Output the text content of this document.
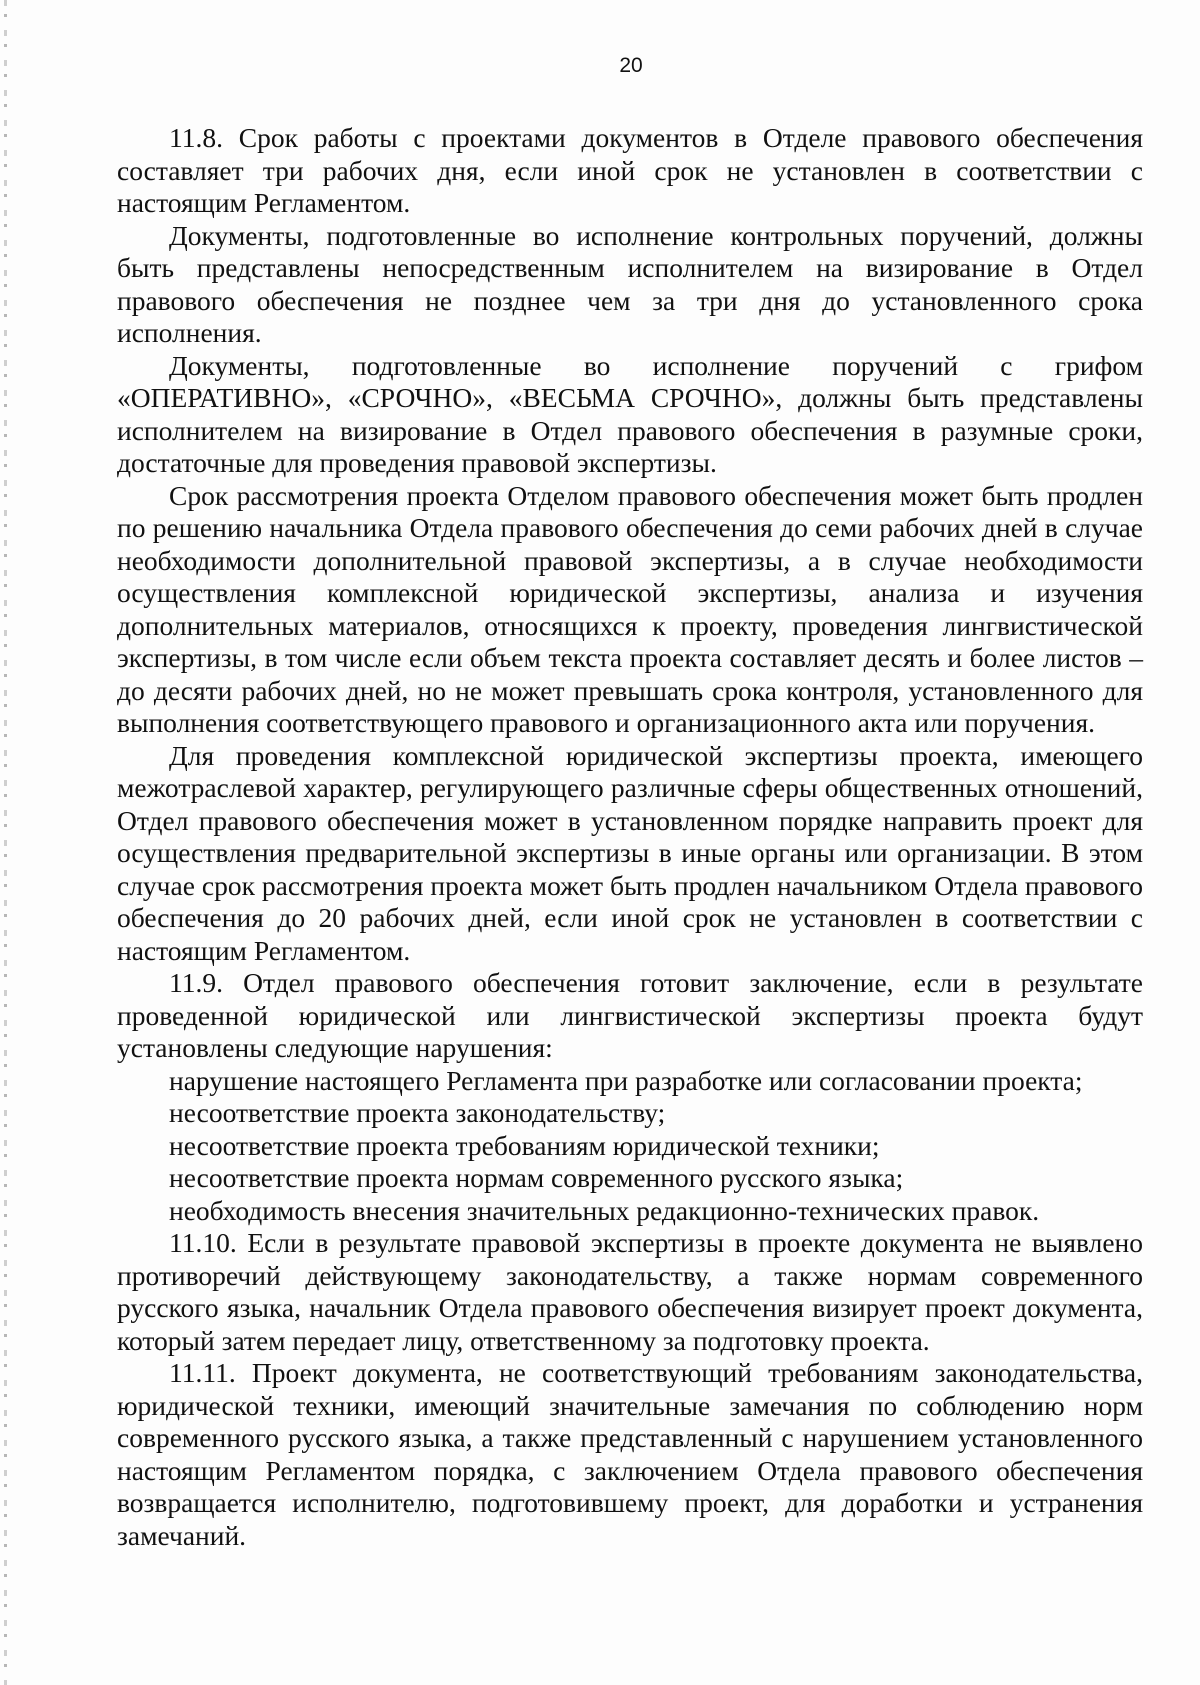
20

11.8. Срок работы с проектами документов в Отделе правового обеспечения составляет три рабочих дня, если иной срок не установлен в соответствии с настоящим Регламентом.

Документы, подготовленные во исполнение контрольных поручений, должны быть представлены непосредственным исполнителем на визирование в Отдел правового обеспечения не позднее чем за три дня до установленного срока исполнения.

Документы, подготовленные во исполнение поручений с грифом «ОПЕРАТИВНО», «СРОЧНО», «ВЕСЬМА СРОЧНО», должны быть представлены исполнителем на визирование в Отдел правового обеспечения в разумные сроки, достаточные для проведения правовой экспертизы.

Срок рассмотрения проекта Отделом правового обеспечения может быть продлен по решению начальника Отдела правового обеспечения до семи рабочих дней в случае необходимости дополнительной правовой экспертизы, а в случае необходимости осуществления комплексной юридической экспертизы, анализа и изучения дополнительных материалов, относящихся к проекту, проведения лингвистической экспертизы, в том числе если объем текста проекта составляет десять и более листов – до десяти рабочих дней, но не может превышать срока контроля, установленного для выполнения соответствующего правового и организационного акта или поручения.

Для проведения комплексной юридической экспертизы проекта, имеющего межотраслевой характер, регулирующего различные сферы общественных отношений, Отдел правового обеспечения может в установленном порядке направить проект для осуществления предварительной экспертизы в иные органы или организации. В этом случае срок рассмотрения проекта может быть продлен начальником Отдела правового обеспечения до 20 рабочих дней, если иной срок не установлен в соответствии с настоящим Регламентом.

11.9. Отдел правового обеспечения готовит заключение, если в результате проведенной юридической или лингвистической экспертизы проекта будут установлены следующие нарушения:

нарушение настоящего Регламента при разработке или согласовании проекта;

несоответствие проекта законодательству;

несоответствие проекта требованиям юридической техники;

несоответствие проекта нормам современного русского языка;

необходимость внесения значительных редакционно-технических правок.

11.10. Если в результате правовой экспертизы в проекте документа не выявлено противоречий действующему законодательству, а также нормам современного русского языка, начальник Отдела правового обеспечения визирует проект документа, который затем передает лицу, ответственному за подготовку проекта.

11.11. Проект документа, не соответствующий требованиям законодательства, юридической техники, имеющий значительные замечания по соблюдению норм современного русского языка, а также представленный с нарушением установленного настоящим Регламентом порядка, с заключением Отдела правового обеспечения возвращается исполнителю, подготовившему проект, для доработки и устранения замечаний.
